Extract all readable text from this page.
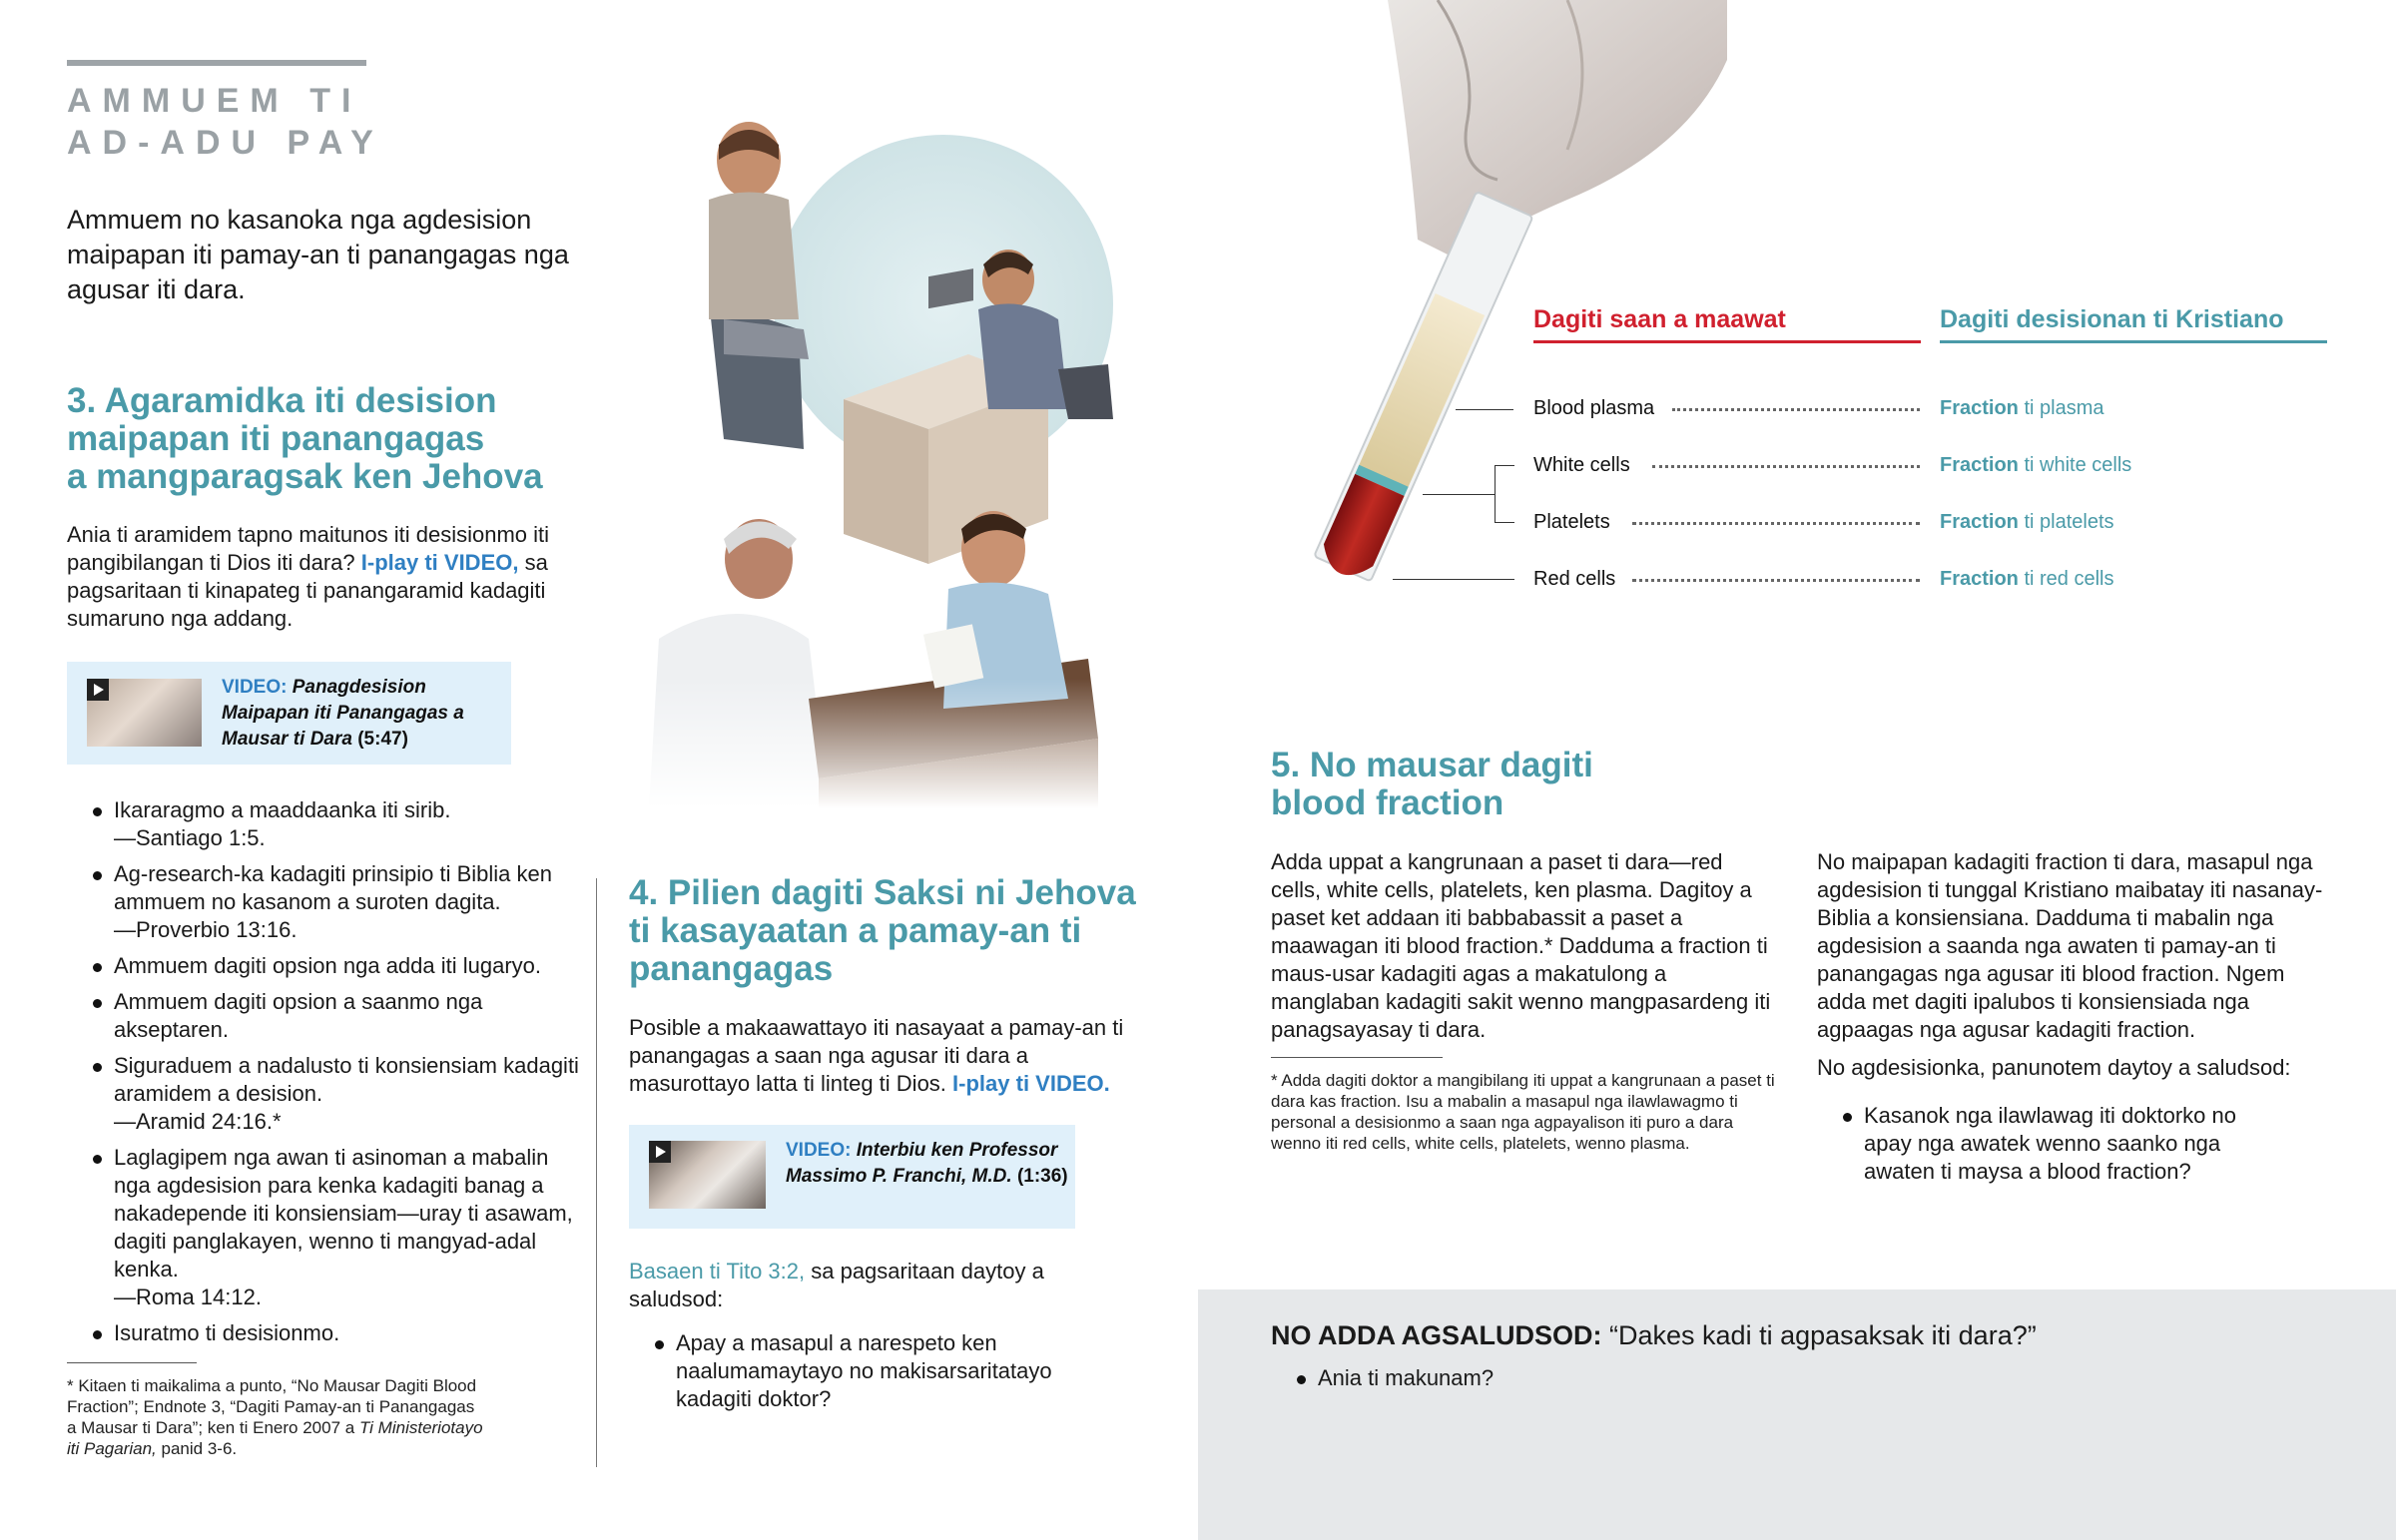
AMMUEM TI
AD-ADU PAY
Ammuem no kasanoka nga agdesision maipapan iti pamay-an ti panangagas nga agusar iti dara.
3. Agaramidka iti desision
maipapan iti panangagas
a mangparagsak ken Jehova
Ania ti aramidem tapno maitunos iti desisionmo iti pangibilangan ti Dios iti dara? I-play ti VIDEO, sa pagsaritaan ti kinapateg ti panangaramid kadagiti sumaruno nga addang.
VIDEO: Panagdesision Maipapan iti Panangagas a Mausar ti Dara (5:47)
Ikararagmo a maaddaanka iti sirib.
—Santiago 1:5.
Ag-research-ka kadagiti prinsipio ti Biblia ken ammuem no kasanom a suroten dagita.
—Proverbio 13:16.
Ammuem dagiti opsion nga adda iti lugaryo.
Ammuem dagiti opsion a saanmo nga akseptaren.
Siguraduem a nadalusto ti konsiensiam kadagiti aramidem a desision.
—Aramid 24:16.*
Laglagipem nga awan ti asinoman a mabalin nga agdesision para kenka kadagiti banag a nakadepende iti konsiensiam—uray ti asawam, dagiti panglakayen, wenno ti mangyad-adal kenka.
—Roma 14:12.
Isuratmo ti desisionmo.
* Kitaen ti maikalima a punto, “No Mausar Dagiti Blood
Fraction”; Endnote 3, “Dagiti Pamay-an ti Panangagas
a Mausar ti Dara”; ken ti Enero 2007 a Ti Ministeriotayo
iti Pagarian, panid 3-6.
4. Pilien dagiti Saksi ni Jehova
ti kasayaatan a pamay-an ti
panangagas
Posible a makaawattayo iti nasayaat a pamay-an ti panangagas a saan nga agusar iti dara a masurottayo latta ti linteg ti Dios. I-play ti VIDEO.
VIDEO: Interbiu ken Professor Massimo P. Franchi, M.D. (1:36)
Basaen ti Tito 3:2, sa pagsaritaan daytoy a saludsod:
Apay a masapul a narespeto ken naalumamaytayo no makisarsaritatayo kadagiti doktor?
Dagiti saan a maawat	Dagiti desisionan ti Kristiano
Blood plasma	Fraction ti plasma
White cells	Fraction ti white cells
Platelets	Fraction ti platelets
Red cells	Fraction ti red cells
5. No mausar dagiti
blood fraction
Adda uppat a kangrunaan a paset ti dara—red cells, white cells, platelets, ken plasma. Dagitoy a paset ket addaan iti babbabassit a paset a maawagan iti blood fraction.* Dadduma a fraction ti maus-usar kadagiti agas a makatulong a manglaban kadagiti sakit wenno mangpasardeng iti panagsayasay ti dara.
* Adda dagiti doktor a mangibilang iti uppat a kangrunaan a paset ti dara kas fraction. Isu a mabalin a masapul nga ilawlawagmo ti personal a desisionmo a saan nga agpayalison iti puro a dara wenno iti red cells, white cells, platelets, wenno plasma.
No maipapan kadagiti fraction ti dara, masapul nga agdesision ti tunggal Kristiano maibatay iti nasanay-Biblia a konsiensiana. Dadduma ti mabalin nga agdesision a saanda nga awaten ti pamay-an ti panangagas nga agusar iti blood fraction. Ngem adda met dagiti ipalubos ti konsiensiada nga agpaagas nga agusar kadagiti fraction.
No agdesisionka, panunotem daytoy a saludsod:
Kasanok nga ilawlawag iti doktorko no apay nga awatek wenno saanko nga awaten ti maysa a blood fraction?
NO ADDA AGSALUDSOD: “Dakes kadi ti agpasaksak iti dara?”
Ania ti makunam?
